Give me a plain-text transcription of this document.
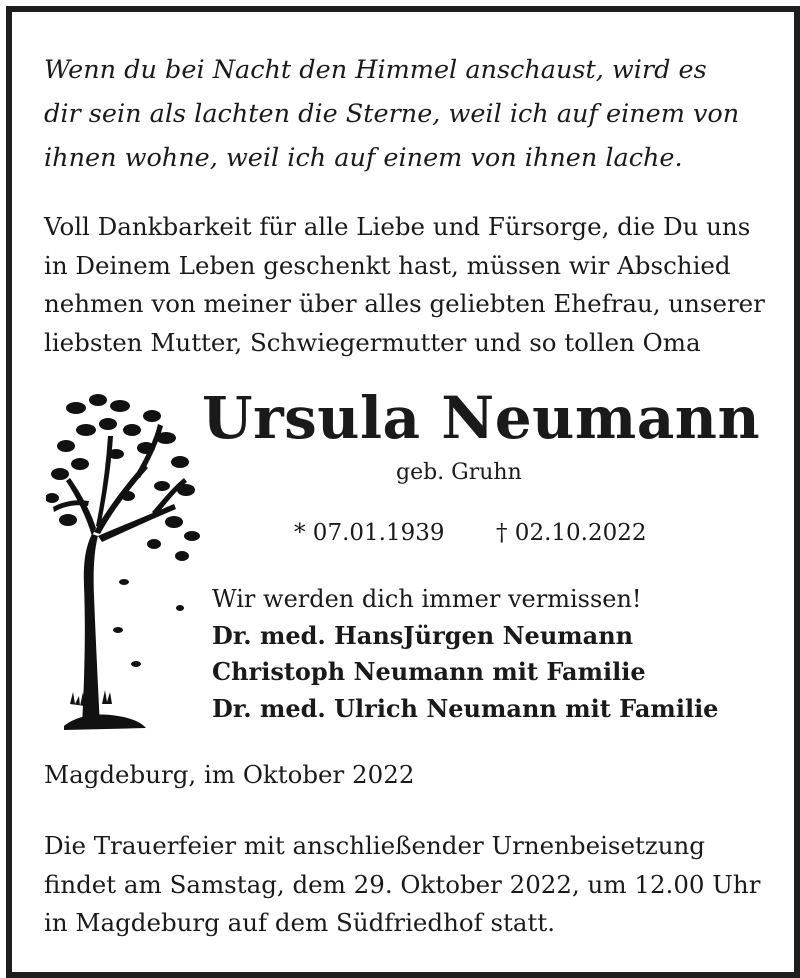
Wenn du bei Nacht den Himmel anschaust, wird es
dir sein als lachten die Sterne, weil ich auf einem von
ihnen wohne, weil ich auf einem von ihnen lache.
Voll Dankbarkeit für alle Liebe und Fürsorge, die Du uns
in Deinem Leben geschenkt hast, müssen wir Abschied
nehmen von meiner über alles geliebten Ehefrau, unserer
liebsten Mutter, Schwiegermutter und so tollen Oma
Ursula Neumann
geb. Gruhn
* 07.01.1939 † 02.10.2022
Wir werden dich immer vermissen!
Dr. med. HansJürgen Neumann
Christoph Neumann mit Familie
Dr. med. Ulrich Neumann mit Familie
Magdeburg, im Oktober 2022
Die Trauerfeier mit anschließender Urnenbeisetzung
findet am Samstag, dem 29. Oktober 2022, um 12.00 Uhr
in Magdeburg auf dem Südfriedhof statt.
